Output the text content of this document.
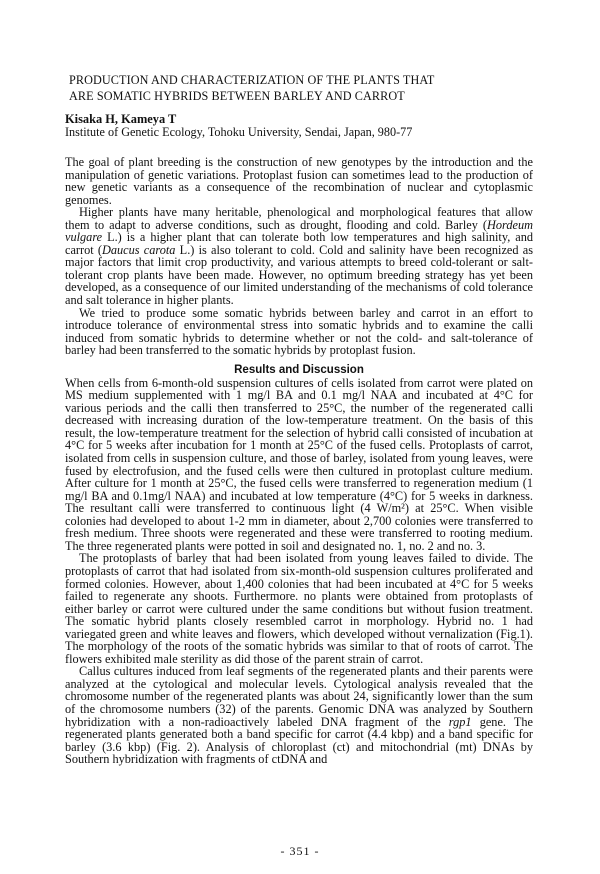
PRODUCTION AND CHARACTERIZATION OF THE PLANTS THAT
ARE SOMATIC HYBRIDS BETWEEN BARLEY AND CARROT
Kisaka H, Kameya T
Institute of Genetic Ecology, Tohoku University, Sendai, Japan, 980-77

The goal of plant breeding is the construction of new genotypes by the introduction and the manipulation of genetic variations. Protoplast fusion can sometimes lead to the production of new genetic variants as a consequence of the recombination of nuclear and cytoplasmic genomes.

Higher plants have many heritable, phenological and morphological features that allow them to adapt to adverse conditions, such as drought, flooding and cold. Barley (Hordeum vulgare L.) is a higher plant that can tolerate both low temperatures and high salinity, and carrot (Daucus carota L.) is also tolerant to cold. Cold and salinity have been recognized as major factors that limit crop productivity, and various attempts to breed cold-tolerant or salt-tolerant crop plants have been made. However, no optimum breeding strategy has yet been developed, as a consequence of our limited understanding of the mechanisms of cold tolerance and salt tolerance in higher plants.

We tried to produce some somatic hybrids between barley and carrot in an effort to introduce tolerance of environmental stress into somatic hybrids and to examine the calli induced from somatic hybrids to determine whether or not the cold- and salt-tolerance of barley had been transferred to the somatic hybrids by protoplast fusion.

Results and Discussion

When cells from 6-month-old suspension cultures of cells isolated from carrot were plated on MS medium supplemented with 1 mg/l BA and 0.1 mg/l NAA and incubated at 4°C for various periods and the calli then transferred to 25°C, the number of the regenerated calli decreased with increasing duration of the low-temperature treatment. On the basis of this result, the low-temperature treatment for the selection of hybrid calli consisted of incubation at 4°C for 5 weeks after incubation for 1 month at 25°C of the fused cells. Protoplasts of carrot, isolated from cells in suspension culture, and those of barley, isolated from young leaves, were fused by electrofusion, and the fused cells were then cultured in protoplast culture medium. After culture for 1 month at 25°C, the fused cells were transferred to regeneration medium (1 mg/l BA and 0.1mg/l NAA) and incubated at low temperature (4°C) for 5 weeks in darkness. The resultant calli were transferred to continuous light (4 W/m²) at 25°C. When visible colonies had developed to about 1-2 mm in diameter, about 2,700 colonies were transferred to fresh medium. Three shoots were regenerated and these were transferred to rooting medium. The three regenerated plants were potted in soil and designated no. 1, no. 2 and no. 3.

The protoplasts of barley that had been isolated from young leaves failed to divide. The protoplasts of carrot that had isolated from six-month-old suspension cultures proliferated and formed colonies. However, about 1,400 colonies that had been incubated at 4°C for 5 weeks failed to regenerate any shoots. Furthermore. no plants were obtained from protoplasts of either barley or carrot were cultured under the same conditions but without fusion treatment. The somatic hybrid plants closely resembled carrot in morphology. Hybrid no. 1 had variegated green and white leaves and flowers, which developed without vernalization (Fig.1). The morphology of the roots of the somatic hybrids was similar to that of roots of carrot. The flowers exhibited male sterility as did those of the parent strain of carrot.

Callus cultures induced from leaf segments of the regenerated plants and their parents were analyzed at the cytological and molecular levels. Cytological analysis revealed that the chromosome number of the regenerated plants was about 24, significantly lower than the sum of the chromosome numbers (32) of the parents. Genomic DNA was analyzed by Southern hybridization with a non-radioactively labeled DNA fragment of the rgp1 gene. The regenerated plants generated both a band specific for carrot (4.4 kbp) and a band specific for barley (3.6 kbp) (Fig. 2). Analysis of chloroplast (ct) and mitochondrial (mt) DNAs by Southern hybridization with fragments of ctDNA and

- 351 -
